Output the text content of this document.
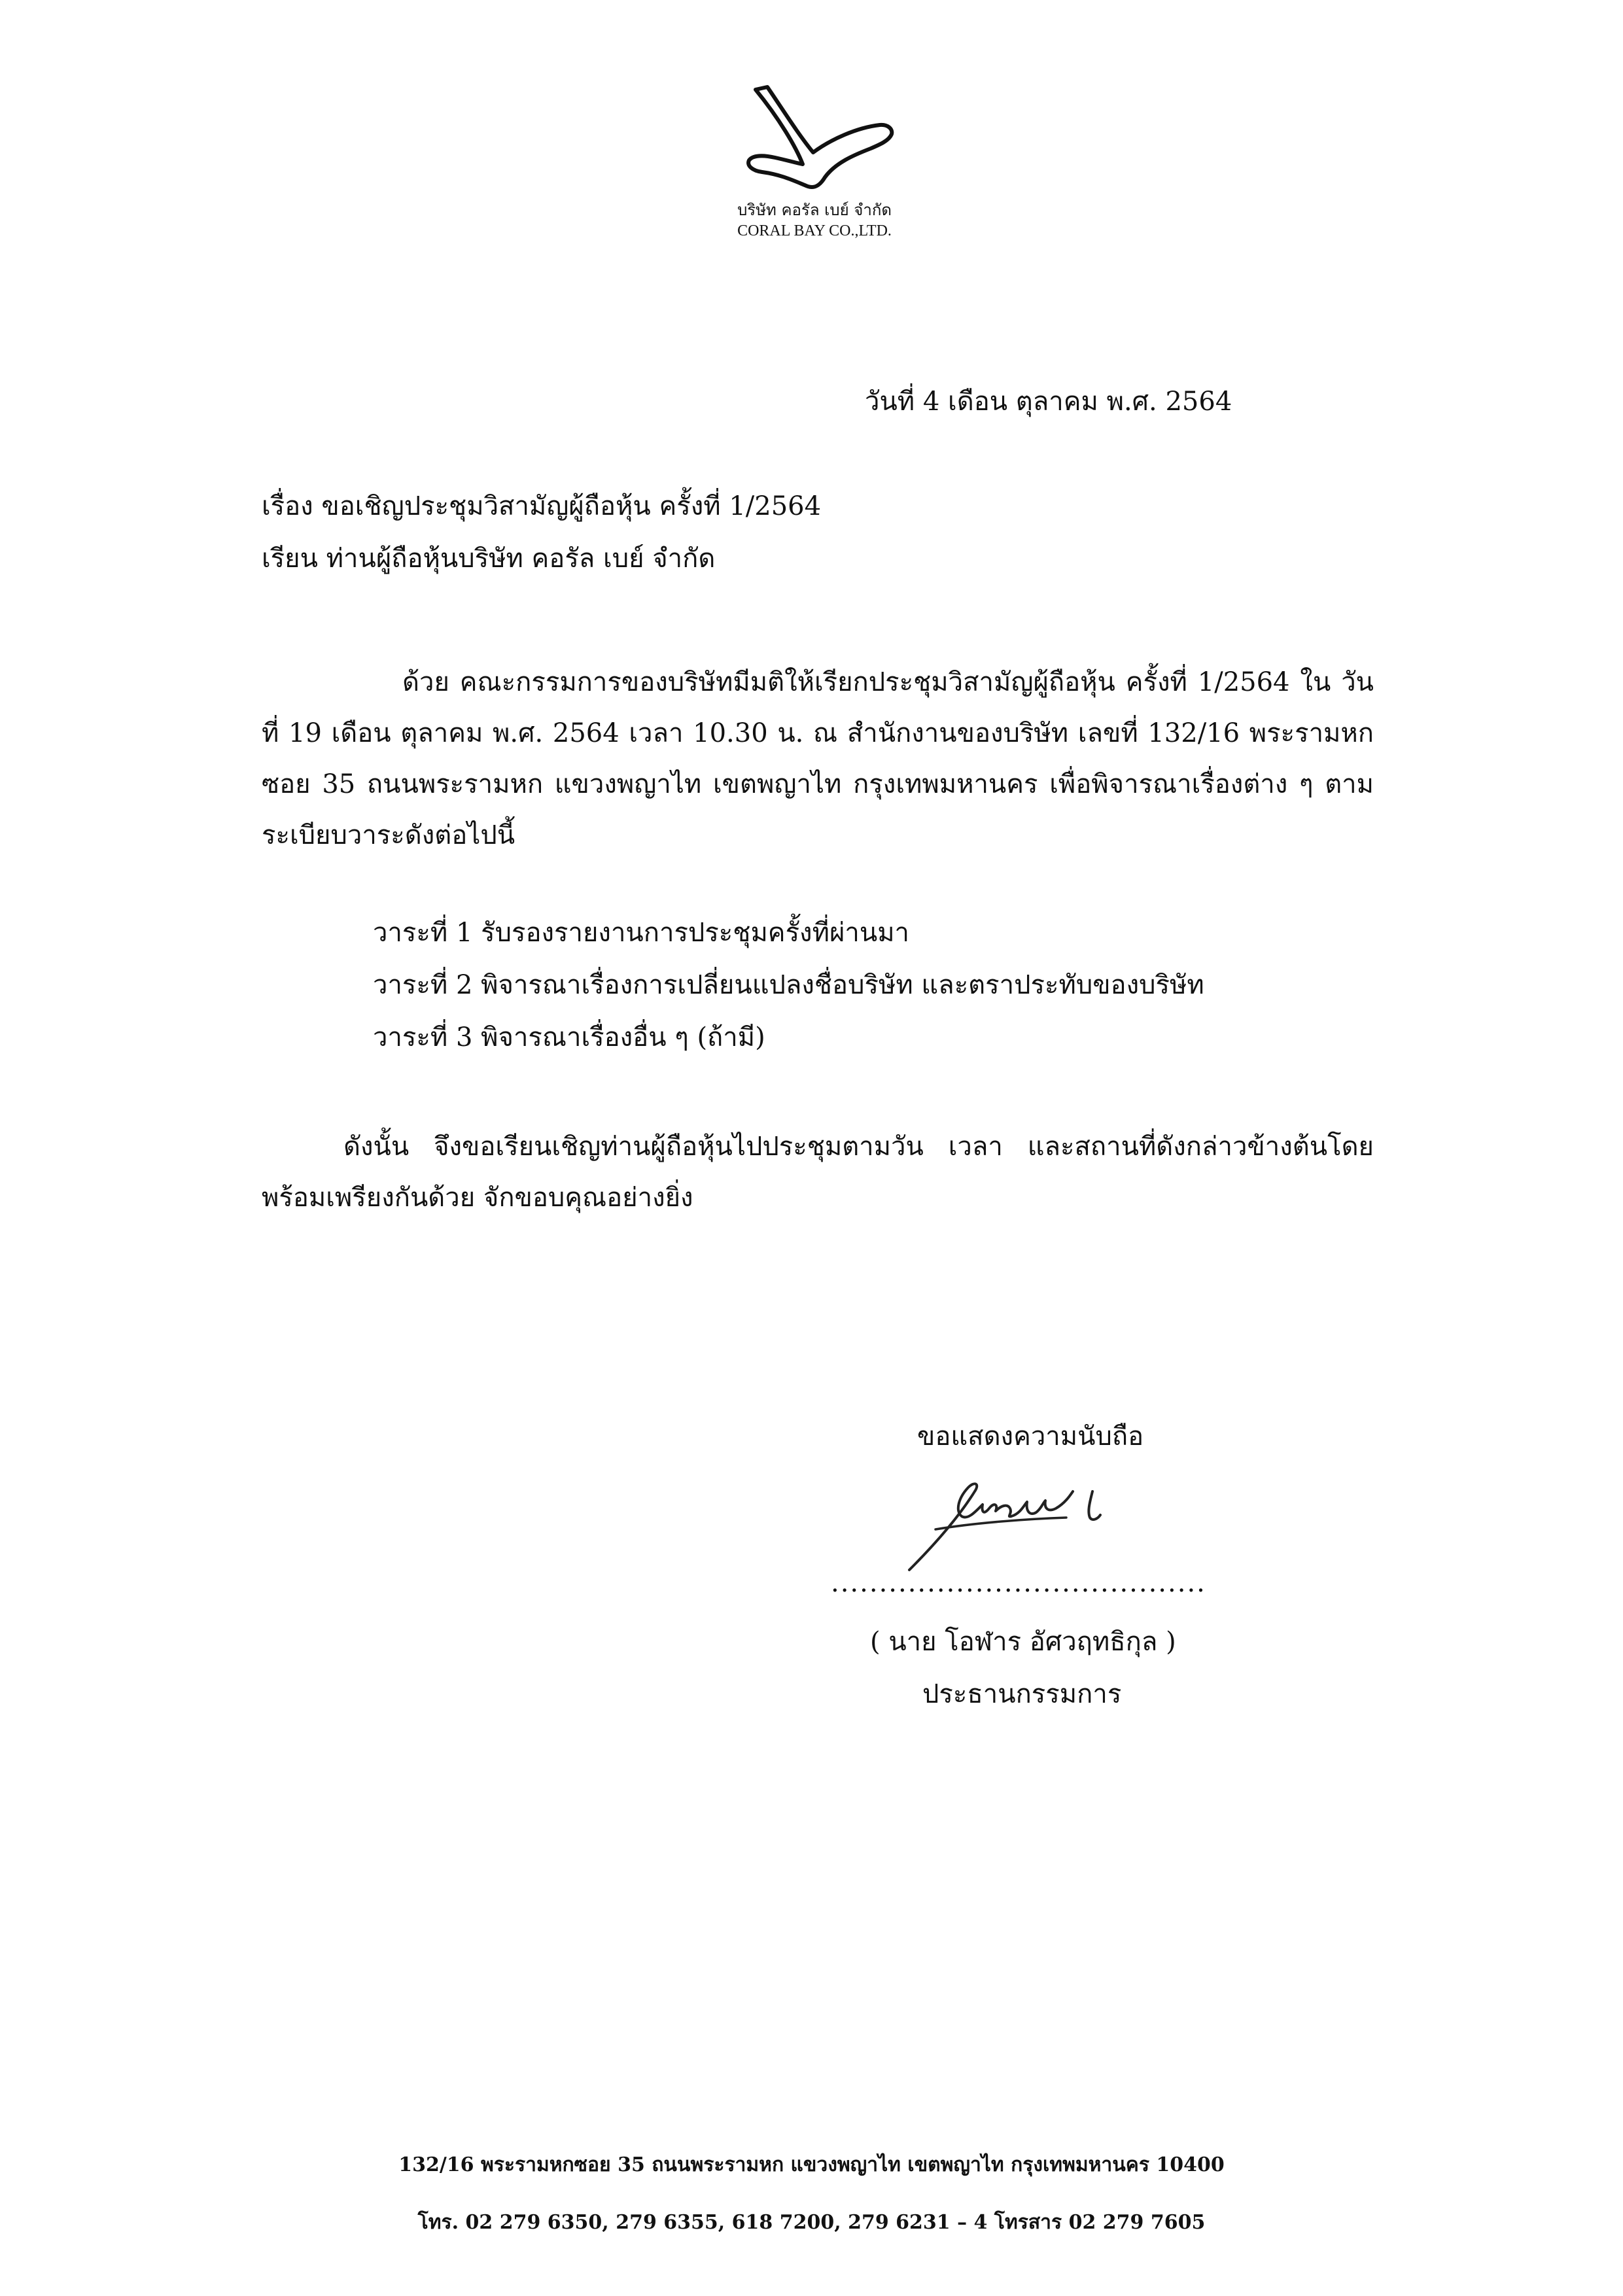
บริษัท คอรัล เบย์ จำกัด
CORAL BAY CO.,LTD.
วันที่ 4 เดือน ตุลาคม พ.ศ. 2564
เรื่อง ขอเชิญประชุมวิสามัญผู้ถือหุ้น ครั้งที่ 1/2564
เรียน ท่านผู้ถือหุ้นบริษัท คอรัล เบย์ จำกัด
ด้วย คณะกรรมการของบริษัทมีมติให้เรียกประชุมวิสามัญผู้ถือหุ้น ครั้งที่ 1/2564 ใน วันที่ 19 เดือน ตุลาคม พ.ศ. 2564 เวลา 10.30 น. ณ สำนักงานของบริษัท เลขที่ 132/16 พระรามหก ซอย 35 ถนนพระรามหก แขวงพญาไท เขตพญาไท กรุงเทพมหานคร เพื่อพิจารณาเรื่องต่าง ๆ ตาม ระเบียบวาระดังต่อไปนี้
วาระที่ 1 รับรองรายงานการประชุมครั้งที่ผ่านมา
วาระที่ 2 พิจารณาเรื่องการเปลี่ยนแปลงชื่อบริษัท และตราประทับของบริษัท
วาระที่ 3 พิจารณาเรื่องอื่น ๆ (ถ้ามี)
ดังนั้น จึงขอเรียนเชิญท่านผู้ถือหุ้นไปประชุมตามวัน เวลา และสถานที่ดังกล่าวข้างต้นโดย พร้อมเพรียงกันด้วย จักขอบคุณอย่างยิ่ง
ขอแสดงความนับถือ
.......................................
( นาย โอฬาร อัศวฤทธิกุล )
ประธานกรรมการ
132/16 พระรามหกซอย 35 ถนนพระรามหก แขวงพญาไท เขตพญาไท กรุงเทพมหานคร 10400
โทร. 02 279 6350, 279 6355, 618 7200, 279 6231 – 4 โทรสาร 02 279 7605
